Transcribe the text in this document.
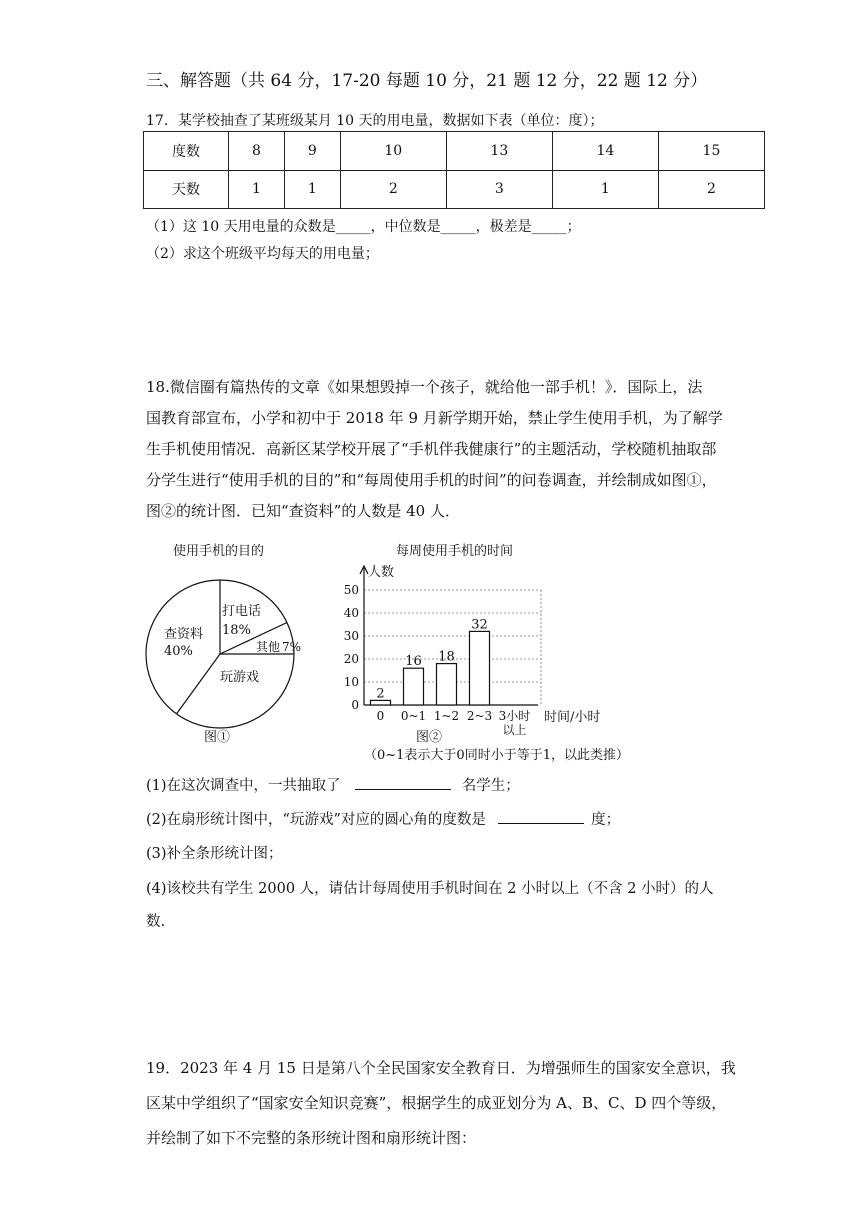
三、解答题（共 64 分，17-20 每题 10 分，21 题 12 分，22 题 12 分）
17．某学校抽查了某班级某月 10 天的用电量，数据如下表（单位：度）；
度数	8	9	10	13	14	15
天数	1	1	2	3	1	2
（1）这 10 天用电量的众数是_____，中位数是_____，极差是_____；
（2）求这个班级平均每天的用电量；
18.微信圈有篇热传的文章《如果想毁掉一个孩子，就给他一部手机！》．国际上，法
国教育部宣布，小学和初中于 2018 年 9 月新学期开始，禁止学生使用手机，为了解学
生手机使用情况．高新区某学校开展了“手机伴我健康行”的主题活动，学校随机抽取部
分学生进行“使用手机的目的”和“每周使用手机的时间”的问卷调查，并绘制成如图①，
图②的统计图．已知“查资料”的人数是 40 人．
使用手机的目的
查资料
40%
打电话
18%
其他 7%
玩游戏
图①
每周使用手机的时间
0
10
20
30
40
50
2
0
16
0~1
18
1~2
32
2~3 3小时以上
人数
时间/小时
图②
（0~1表示大于0同时小于等于1，以此类推）
(1)在这次调查中，一共抽取了	名学生；
(2)在扇形统计图中，“玩游戏”对应的圆心角的度数是	度；
(3)补全条形统计图；
(4)该校共有学生 2000 人，请估计每周使用手机时间在 2 小时以上（不含 2 小时）的人
数.
19．2023 年 4 月 15 日是第八个全民国家安全教育日．为增强师生的国家安全意识，我
区某中学组织了“国家安全知识竞赛”，根据学生的成亚划分为 A、B、C、D 四个等级，
并绘制了如下不完整的条形统计图和扇形统计图：
